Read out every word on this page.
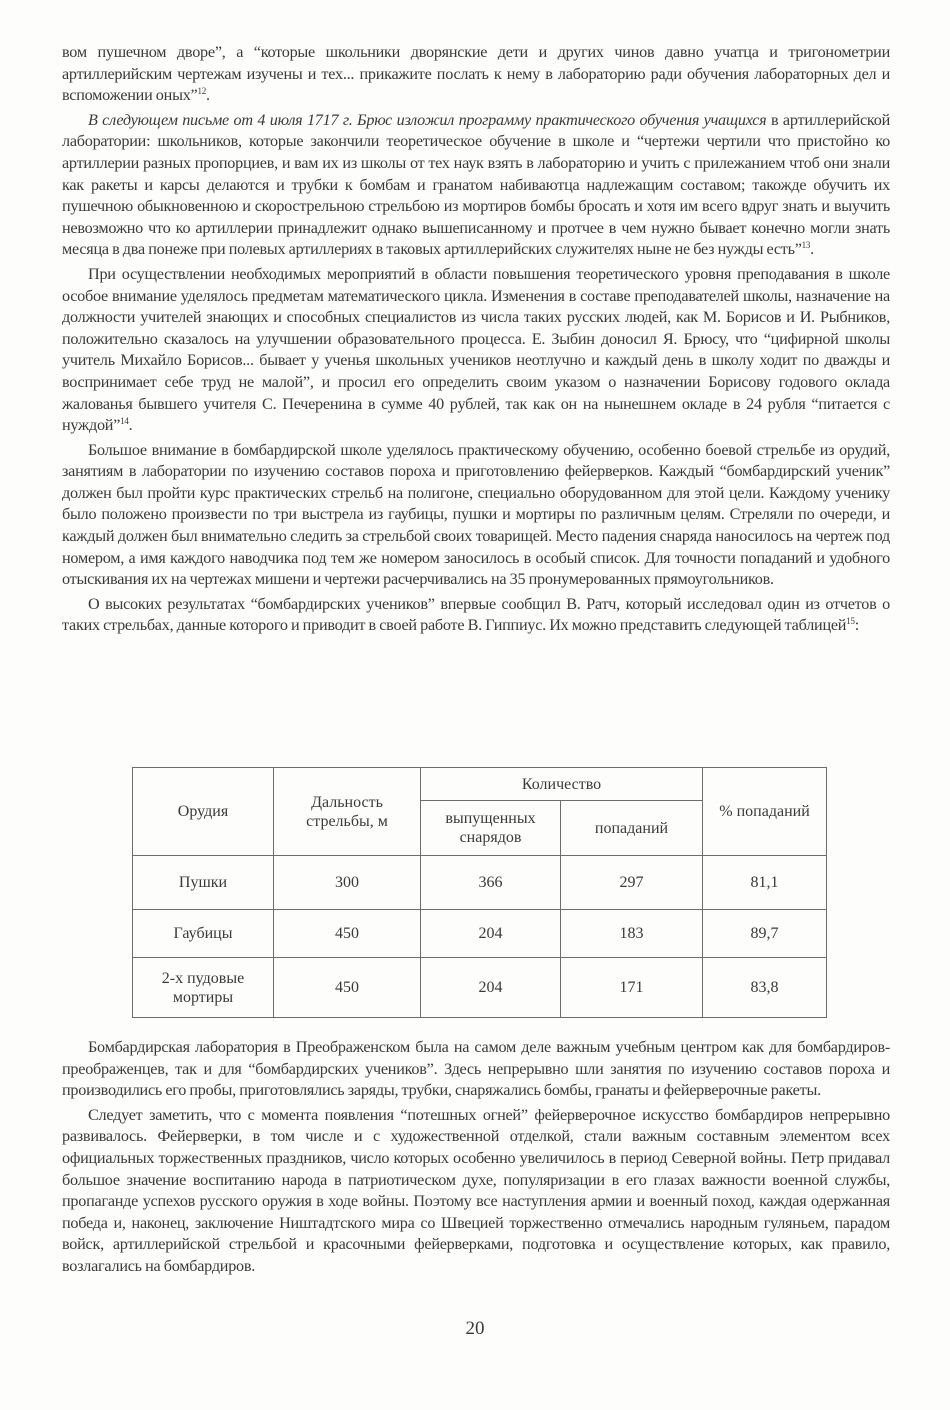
вом пушечном дворе”, а “которые школьники дворянские дети и других чинов давно учатца и тригонометрии артиллерийским чертежам изучены и тех... прикажите послать к нему в лабораторию ради обучения лабораторных дел и вспоможении оных”$^{12}$.

В следующем письме от 4 июля 1717 г. Брюс изложил программу практического обучения учащихся в артиллерийской лаборатории: школьников, которые закончили теоретическое обучение в школе и “чертежи чертили что пристойно ко артиллерии разных пропорциев, и вам их из школы от тех наук взять в лабораторию и учить с прилежанием чтоб они знали как ракеты и карсы делаются и трубки к бомбам и гранатом набиваютца надлежащим составом; такожде обучить их пушечною обыкновенною и скорострельною стрельбою из мортиров бомбы бросать и хотя им всего вдруг знать и выучить невозможно что ко артиллерии принадлежит однако вышеписанному и протчее в чем нужно бывает конечно могли знать месяца в два понеже при полевых артиллериях в таковых артиллерийских служителях ныне не без нужды есть”$^{13}$.

При осуществлении необходимых мероприятий в области повышения теоретического уровня преподавания в школе особое внимание уделялось предметам математического цикла. Изменения в составе преподавателей школы, назначение на должности учителей знающих и способных специалистов из числа таких русских людей, как М. Борисов и И. Рыбников, положительно сказалось на улучшении образовательного процесса. Е. Зыбин доносил Я. Брюсу, что “цифирной школы учитель Михайло Борисов... бывает у ученья школьных учеников неотлучно и каждый день в школу ходит по дважды и воспринимает себе труд не малой”, и просил его определить своим указом о назначении Борисову годового оклада жалованья бывшего учителя С. Печеренина в сумме 40 рублей, так как он на нынешнем окладе в 24 рубля “питается с нуждой”$^{14}$.

Большое внимание в бомбардирской школе уделялось практическому обучению, особенно боевой стрельбе из орудий, занятиям в лаборатории по изучению составов пороха и приготовлению фейерверков. Каждый “бомбардирский ученик” должен был пройти курс практических стрельб на полигоне, специально оборудованном для этой цели. Каждому ученику было положено произвести по три выстрела из гаубицы, пушки и мортиры по различным целям. Стреляли по очереди, и каждый должен был внимательно следить за стрельбой своих товарищей. Место падения снаряда наносилось на чертеж под номером, а имя каждого наводчика под тем же номером заносилось в особый список. Для точности попаданий и удобного отыскивания их на чертежах мишени и чертежи расчерчивались на 35 пронумерованных прямоугольников.

О высоких результатах “бомбардирских учеников” впервые сообщил В. Ратч, который исследовал один из отчетов о таких стрельбах, данные которого и приводит в своей работе В. Гиппиус. Их можно представить следующей таблицей$^{15}$:

Орудия	Дальность стрельбы, м	Количество		% попаданий
		выпущенных снарядов	попаданий	
Пушки	300	366	297	81,1
Гаубицы	450	204	183	89,7
2-х пудовые мортиры	450	204	171	83,8

Бомбардирская лаборатория в Преображенском была на самом деле важным учебным центром как для бомбардиров-преображенцев, так и для “бомбардирских учеников”. Здесь непрерывно шли занятия по изучению составов пороха и производились его пробы, приготовлялись заряды, трубки, снаряжались бомбы, гранаты и фейерверочные ракеты.

Следует заметить, что с момента появления “потешных огней” фейерверочное искусство бомбардиров непрерывно развивалось. Фейерверки, в том числе и с художественной отделкой, стали важным составным элементом всех официальных торжественных праздников, число которых особенно увеличилось в период Северной войны. Петр придавал большое значение воспитанию народа в патриотическом духе, популяризации в его глазах важности военной службы, пропаганде успехов русского оружия в ходе войны. Поэтому все наступления армии и военный поход, каждая одержанная победа и, наконец, заключение Ништадтского мира со Швецией торжественно отмечались народным гуляньем, парадом войск, артиллерийской стрельбой и красочными фейерверками, подготовка и осуществление которых, как правило, возлагались на бомбардиров.

20
